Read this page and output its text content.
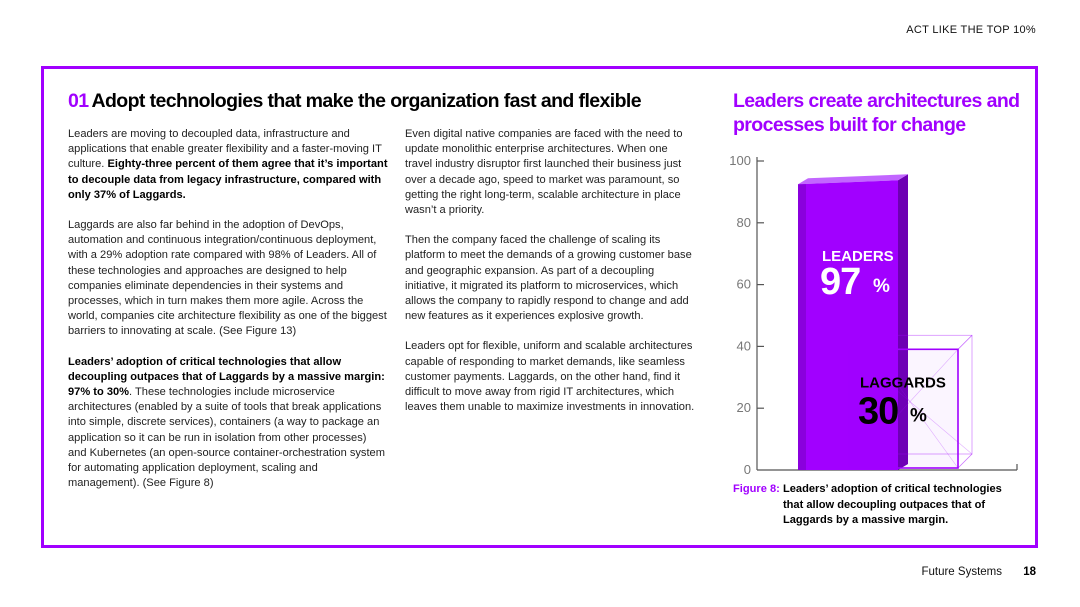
ACT LIKE THE TOP 10%
01 Adopt technologies that make the organization fast and flexible

Leaders are moving to decoupled data, infrastructure and applications that enable greater flexibility and a faster-moving IT culture. Eighty-three percent of them agree that it’s important to decouple data from legacy infrastructure, compared with only 37% of Laggards.

Laggards are also far behind in the adoption of DevOps, automation and continuous integration/continuous deployment, with a 29% adoption rate compared with 98% of Leaders. All of these technologies and approaches are designed to help companies eliminate dependencies in their systems and processes, which in turn makes them more agile. Across the world, companies cite architecture flexibility as one of the biggest barriers to innovating at scale. (See Figure 13)

Leaders’ adoption of critical technologies that allow decoupling outpaces that of Laggards by a massive margin: 97% to 30%. These technologies include microservice architectures (enabled by a suite of tools that break applications into simple, discrete services), containers (a way to package an application so it can be run in isolation from other processes) and Kubernetes (an open-source container-orchestration system for automating application deployment, scaling and management). (See Figure 8)

Even digital native companies are faced with the need to update monolithic enterprise architectures. When one travel industry disruptor first launched their business just over a decade ago, speed to market was paramount, so getting the right long-term, scalable architecture in place wasn’t a priority.

Then the company faced the challenge of scaling its platform to meet the demands of a growing customer base and geographic expansion. As part of a decoupling initiative, it migrated its platform to microservices, which allows the company to rapidly respond to change and add new features as it experiences explosive growth.

Leaders opt for flexible, uniform and scalable architectures capable of responding to market demands, like seamless customer payments. Laggards, on the other hand, find it difficult to move away from rigid IT architectures, which leaves them unable to maximize investments in innovation.

Leaders create architectures and processes built for change
0
20
40
60
80
100
LEADERS
97 %
LAGGARDS
30 %
Figure 8: Leaders’ adoption of critical technologies that allow decoupling outpaces that of Laggards by a massive margin.
Future Systems 18
